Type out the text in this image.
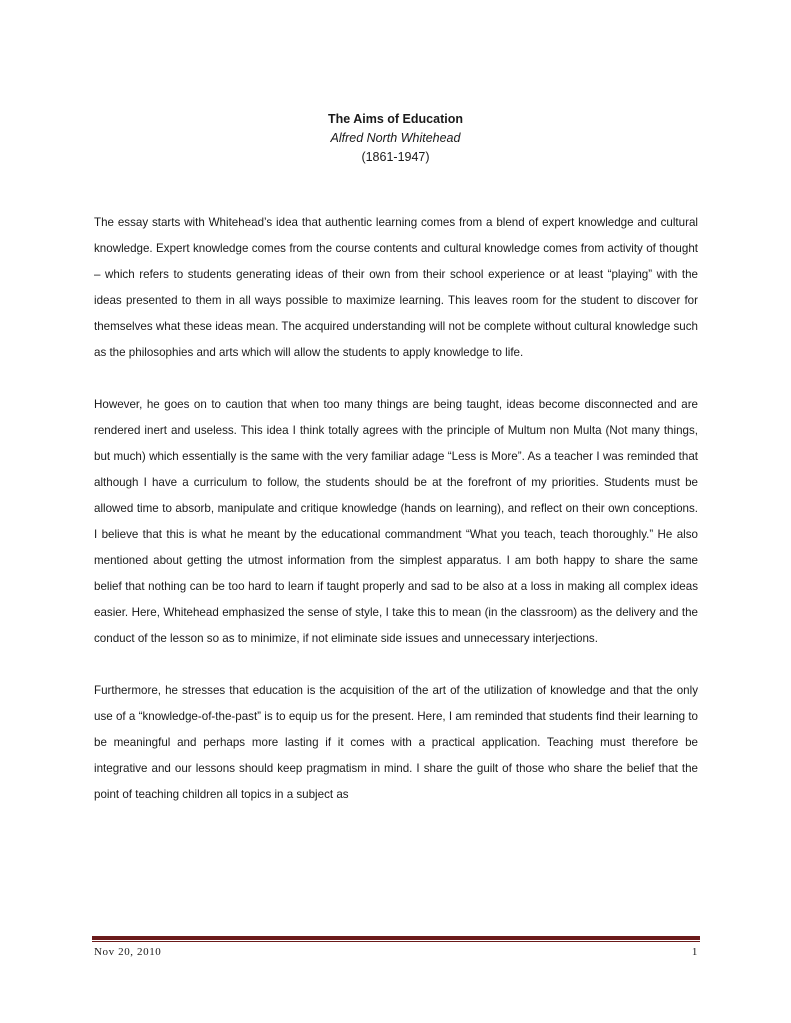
The Aims of Education
Alfred North Whitehead
(1861-1947)

The essay starts with Whitehead’s idea that authentic learning comes from a blend of expert knowledge and cultural knowledge. Expert knowledge comes from the course contents and cultural knowledge comes from activity of thought – which refers to students generating ideas of their own from their school experience or at least “playing” with the ideas presented to them in all ways possible to maximize learning. This leaves room for the student to discover for themselves what these ideas mean. The acquired understanding will not be complete without cultural knowledge such as the philosophies and arts which will allow the students to apply knowledge to life.

However, he goes on to caution that when too many things are being taught, ideas become disconnected and are rendered inert and useless. This idea I think totally agrees with the principle of Multum non Multa (Not many things, but much) which essentially is the same with the very familiar adage “Less is More”. As a teacher I was reminded that although I have a curriculum to follow, the students should be at the forefront of my priorities. Students must be allowed time to absorb, manipulate and critique knowledge (hands on learning), and reflect on their own conceptions. I believe that this is what he meant by the educational commandment “What you teach, teach thoroughly.” He also mentioned about getting the utmost information from the simplest apparatus. I am both happy to share the same belief that nothing can be too hard to learn if taught properly and sad to be also at a loss in making all complex ideas easier. Here, Whitehead emphasized the sense of style, I take this to mean (in the classroom) as the delivery and the conduct of the lesson so as to minimize, if not eliminate side issues and unnecessary interjections.

Furthermore, he stresses that education is the acquisition of the art of the utilization of knowledge and that the only use of a “knowledge-of-the-past” is to equip us for the present. Here, I am reminded that students find their learning to be meaningful and perhaps more lasting if it comes with a practical application. Teaching must therefore be integrative and our lessons should keep pragmatism in mind. I share the guilt of those who share the belief that the point of teaching children all topics in a subject as

Nov 20, 2010	1
